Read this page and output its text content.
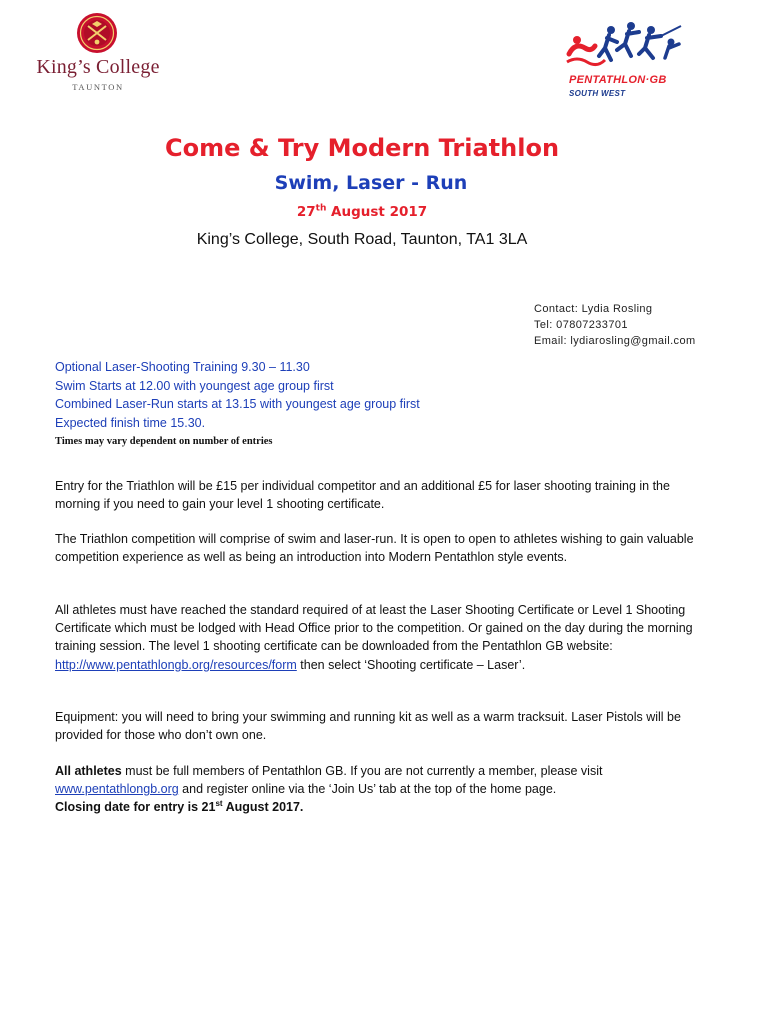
King’s College
TAUNTON
PENTATHLON·GB
SOUTH WEST
Come & Try Modern Triathlon
Swim, Laser - Run
27th August 2017
King’s College, South Road, Taunton, TA1 3LA
Contact: Lydia Rosling
Tel: 07807233701
Email: lydiarosling@gmail.com
Optional Laser-Shooting Training 9.30 – 11.30
Swim Starts at 12.00 with youngest age group first
Combined Laser-Run starts at 13.15 with youngest age group first
Expected finish time 15.30.
Times may vary dependent on number of entries
Entry for the Triathlon will be £15 per individual competitor and an additional £5 for laser shooting training in the morning if you need to gain your level 1 shooting certificate.
The Triathlon competition will comprise of swim and laser-run. It is open to open to athletes wishing to gain valuable competition experience as well as being an introduction into Modern Pentathlon style events.
All athletes must have reached the standard required of at least the Laser Shooting Certificate or Level 1 Shooting Certificate which must be lodged with Head Office prior to the competition. Or gained on the day during the morning training session. The level 1 shooting certificate can be downloaded from the Pentathlon GB website: http://www.pentathlongb.org/resources/form then select ‘Shooting certificate – Laser’.
Equipment: you will need to bring your swimming and running kit as well as a warm tracksuit. Laser Pistols will be provided for those who don’t own one.
All athletes must be full members of Pentathlon GB. If you are not currently a member, please visit
www.pentathlongb.org and register online via the ‘Join Us’ tab at the top of the home page.
Closing date for entry is 21st August 2017.
